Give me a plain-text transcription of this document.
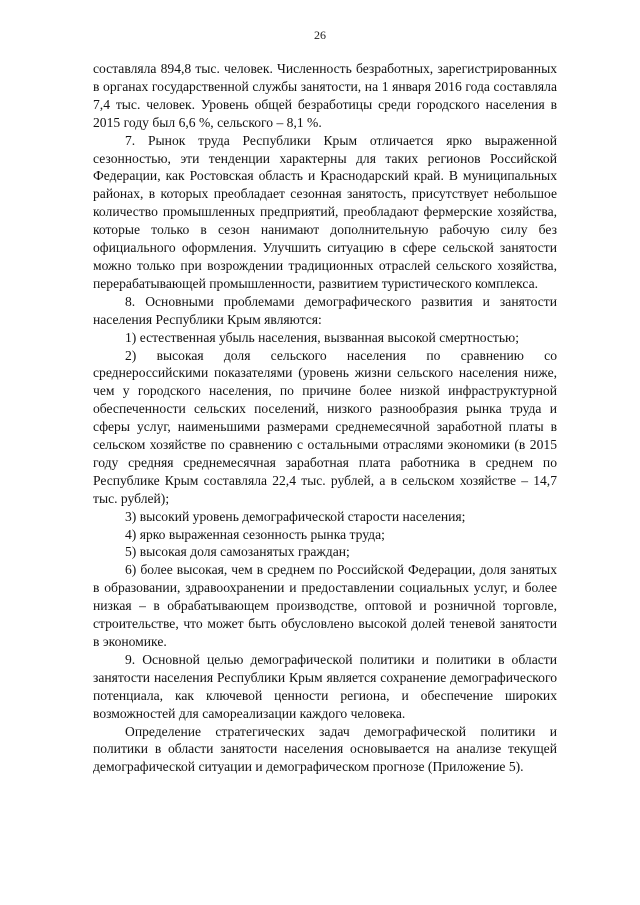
26

составляла 894,8 тыс. человек. Численность безработных, зарегистрированных в органах государственной службы занятости, на 1 января 2016 года составляла 7,4 тыс. человек. Уровень общей безработицы среди городского населения в 2015 году был 6,6 %, сельского – 8,1 %.

7. Рынок труда Республики Крым отличается ярко выраженной сезонностью, эти тенденции характерны для таких регионов Российской Федерации, как Ростовская область и Краснодарский край. В муниципальных районах, в которых преобладает сезонная занятость, присутствует небольшое количество промышленных предприятий, преобладают фермерские хозяйства, которые только в сезон нанимают дополнительную рабочую силу без официального оформления. Улучшить ситуацию в сфере сельской занятости можно только при возрождении традиционных отраслей сельского хозяйства, перерабатывающей промышленности, развитием туристического комплекса.

8. Основными проблемами демографического развития и занятости населения Республики Крым являются:

1) естественная убыль населения, вызванная высокой смертностью;

2) высокая доля сельского населения по сравнению со среднероссийскими показателями (уровень жизни сельского населения ниже, чем у городского населения, по причине более низкой инфраструктурной обеспеченности сельских поселений, низкого разнообразия рынка труда и сферы услуг, наименьшими размерами среднемесячной заработной платы в сельском хозяйстве по сравнению с остальными отраслями экономики (в 2015 году средняя среднемесячная заработная плата работника в среднем по Республике Крым составляла 22,4 тыс. рублей, а в сельском хозяйстве – 14,7 тыс. рублей);

3) высокий уровень демографической старости населения;

4) ярко выраженная сезонность рынка труда;

5) высокая доля самозанятых граждан;

6) более высокая, чем в среднем по Российской Федерации, доля занятых в образовании, здравоохранении и предоставлении социальных услуг, и более низкая – в обрабатывающем производстве, оптовой и розничной торговле, строительстве, что может быть обусловлено высокой долей теневой занятости в экономике.

9. Основной целью демографической политики и политики в области занятости населения Республики Крым является сохранение демографического потенциала, как ключевой ценности региона, и обеспечение широких возможностей для самореализации каждого человека.

Определение стратегических задач демографической политики и политики в области занятости населения основывается на анализе текущей демографической ситуации и демографическом прогнозе (Приложение 5).
